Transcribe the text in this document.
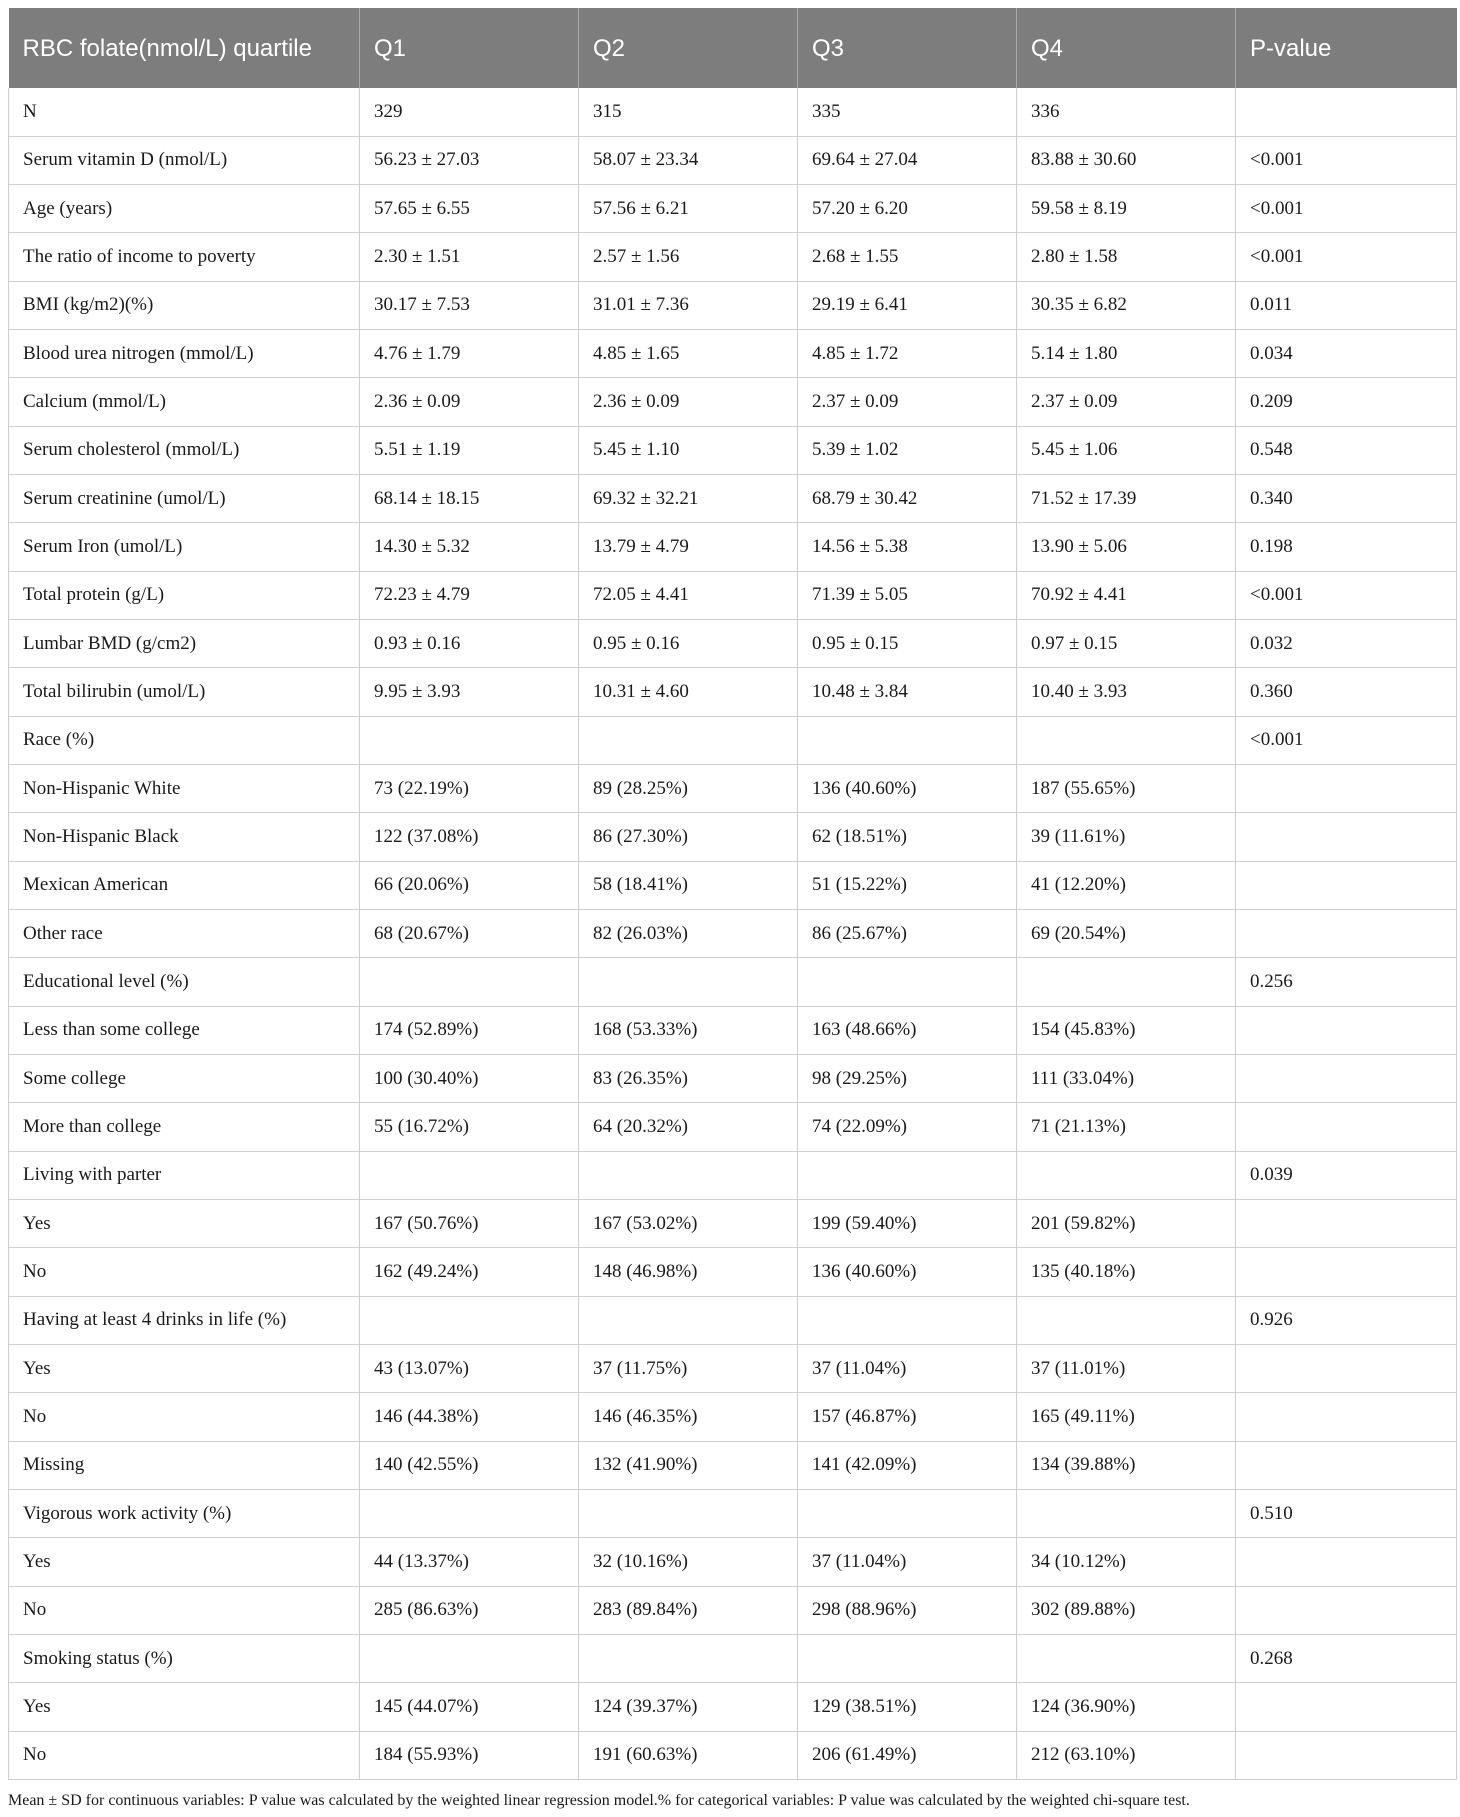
RBC folate(nmol/L) quartile	Q1	Q2	Q3	Q4	P-value
N	329	315	335	336	
Serum vitamin D (nmol/L)	56.23 ± 27.03	58.07 ± 23.34	69.64 ± 27.04	83.88 ± 30.60	<0.001
Age (years)	57.65 ± 6.55	57.56 ± 6.21	57.20 ± 6.20	59.58 ± 8.19	<0.001
The ratio of income to poverty	2.30 ± 1.51	2.57 ± 1.56	2.68 ± 1.55	2.80 ± 1.58	<0.001
BMI (kg/m2)(%)	30.17 ± 7.53	31.01 ± 7.36	29.19 ± 6.41	30.35 ± 6.82	0.011
Blood urea nitrogen (mmol/L)	4.76 ± 1.79	4.85 ± 1.65	4.85 ± 1.72	5.14 ± 1.80	0.034
Calcium (mmol/L)	2.36 ± 0.09	2.36 ± 0.09	2.37 ± 0.09	2.37 ± 0.09	0.209
Serum cholesterol (mmol/L)	5.51 ± 1.19	5.45 ± 1.10	5.39 ± 1.02	5.45 ± 1.06	0.548
Serum creatinine (umol/L)	68.14 ± 18.15	69.32 ± 32.21	68.79 ± 30.42	71.52 ± 17.39	0.340
Serum Iron (umol/L)	14.30 ± 5.32	13.79 ± 4.79	14.56 ± 5.38	13.90 ± 5.06	0.198
Total protein (g/L)	72.23 ± 4.79	72.05 ± 4.41	71.39 ± 5.05	70.92 ± 4.41	<0.001
Lumbar BMD (g/cm2)	0.93 ± 0.16	0.95 ± 0.16	0.95 ± 0.15	0.97 ± 0.15	0.032
Total bilirubin (umol/L)	9.95 ± 3.93	10.31 ± 4.60	10.48 ± 3.84	10.40 ± 3.93	0.360
Race (%)					<0.001
Non-Hispanic White	73 (22.19%)	89 (28.25%)	136 (40.60%)	187 (55.65%)	
Non-Hispanic Black	122 (37.08%)	86 (27.30%)	62 (18.51%)	39 (11.61%)	
Mexican American	66 (20.06%)	58 (18.41%)	51 (15.22%)	41 (12.20%)	
Other race	68 (20.67%)	82 (26.03%)	86 (25.67%)	69 (20.54%)	
Educational level (%)					0.256
Less than some college	174 (52.89%)	168 (53.33%)	163 (48.66%)	154 (45.83%)	
Some college	100 (30.40%)	83 (26.35%)	98 (29.25%)	111 (33.04%)	
More than college	55 (16.72%)	64 (20.32%)	74 (22.09%)	71 (21.13%)	
Living with parter					0.039
Yes	167 (50.76%)	167 (53.02%)	199 (59.40%)	201 (59.82%)	
No	162 (49.24%)	148 (46.98%)	136 (40.60%)	135 (40.18%)	
Having at least 4 drinks in life (%)					0.926
Yes	43 (13.07%)	37 (11.75%)	37 (11.04%)	37 (11.01%)	
No	146 (44.38%)	146 (46.35%)	157 (46.87%)	165 (49.11%)	
Missing	140 (42.55%)	132 (41.90%)	141 (42.09%)	134 (39.88%)	
Vigorous work activity (%)					0.510
Yes	44 (13.37%)	32 (10.16%)	37 (11.04%)	34 (10.12%)	
No	285 (86.63%)	283 (89.84%)	298 (88.96%)	302 (89.88%)	
Smoking status (%)					0.268
Yes	145 (44.07%)	124 (39.37%)	129 (38.51%)	124 (36.90%)	
No	184 (55.93%)	191 (60.63%)	206 (61.49%)	212 (63.10%)	
Mean ± SD for continuous variables: P value was calculated by the weighted linear regression model.% for categorical variables: P value was calculated by the weighted chi-square test.
